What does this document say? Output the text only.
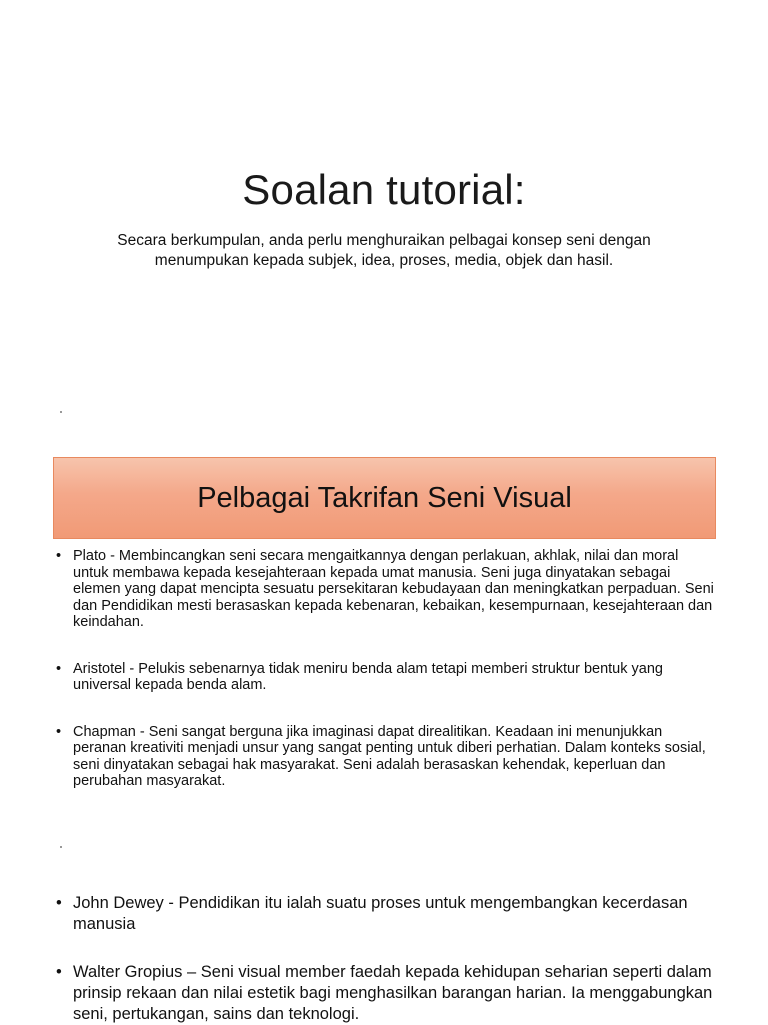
Soalan tutorial:
Secara berkumpulan, anda perlu menghuraikan pelbagai konsep seni dengan menumpukan kepada subjek, idea, proses, media, objek dan hasil.
Pelbagai Takrifan Seni Visual
• Plato - Membincangkan seni secara mengaitkannya dengan perlakuan, akhlak, nilai dan moral untuk membawa kepada kesejahteraan kepada umat manusia. Seni juga dinyatakan sebagai elemen yang dapat mencipta sesuatu persekitaran kebudayaan dan meningkatkan perpaduan. Seni dan Pendidikan mesti berasaskan kepada kebenaran, kebaikan, kesempurnaan, kesejahteraan dan keindahan.
• Aristotel - Pelukis sebenarnya tidak meniru benda alam tetapi memberi struktur bentuk yang universal kepada benda alam.
• Chapman - Seni sangat berguna jika imaginasi dapat direalitikan. Keadaan ini menunjukkan peranan kreativiti menjadi unsur yang sangat penting untuk diberi perhatian. Dalam konteks sosial, seni dinyatakan sebagai hak masyarakat. Seni adalah berasaskan kehendak, keperluan dan perubahan masyarakat.
• John Dewey - Pendidikan itu ialah suatu proses untuk mengembangkan kecerdasan manusia
• Walter Gropius – Seni visual member faedah kepada kehidupan seharian seperti dalam prinsip rekaan dan nilai estetik bagi menghasilkan barangan harian. Ia menggabungkan seni, pertukangan, sains dan teknologi.
